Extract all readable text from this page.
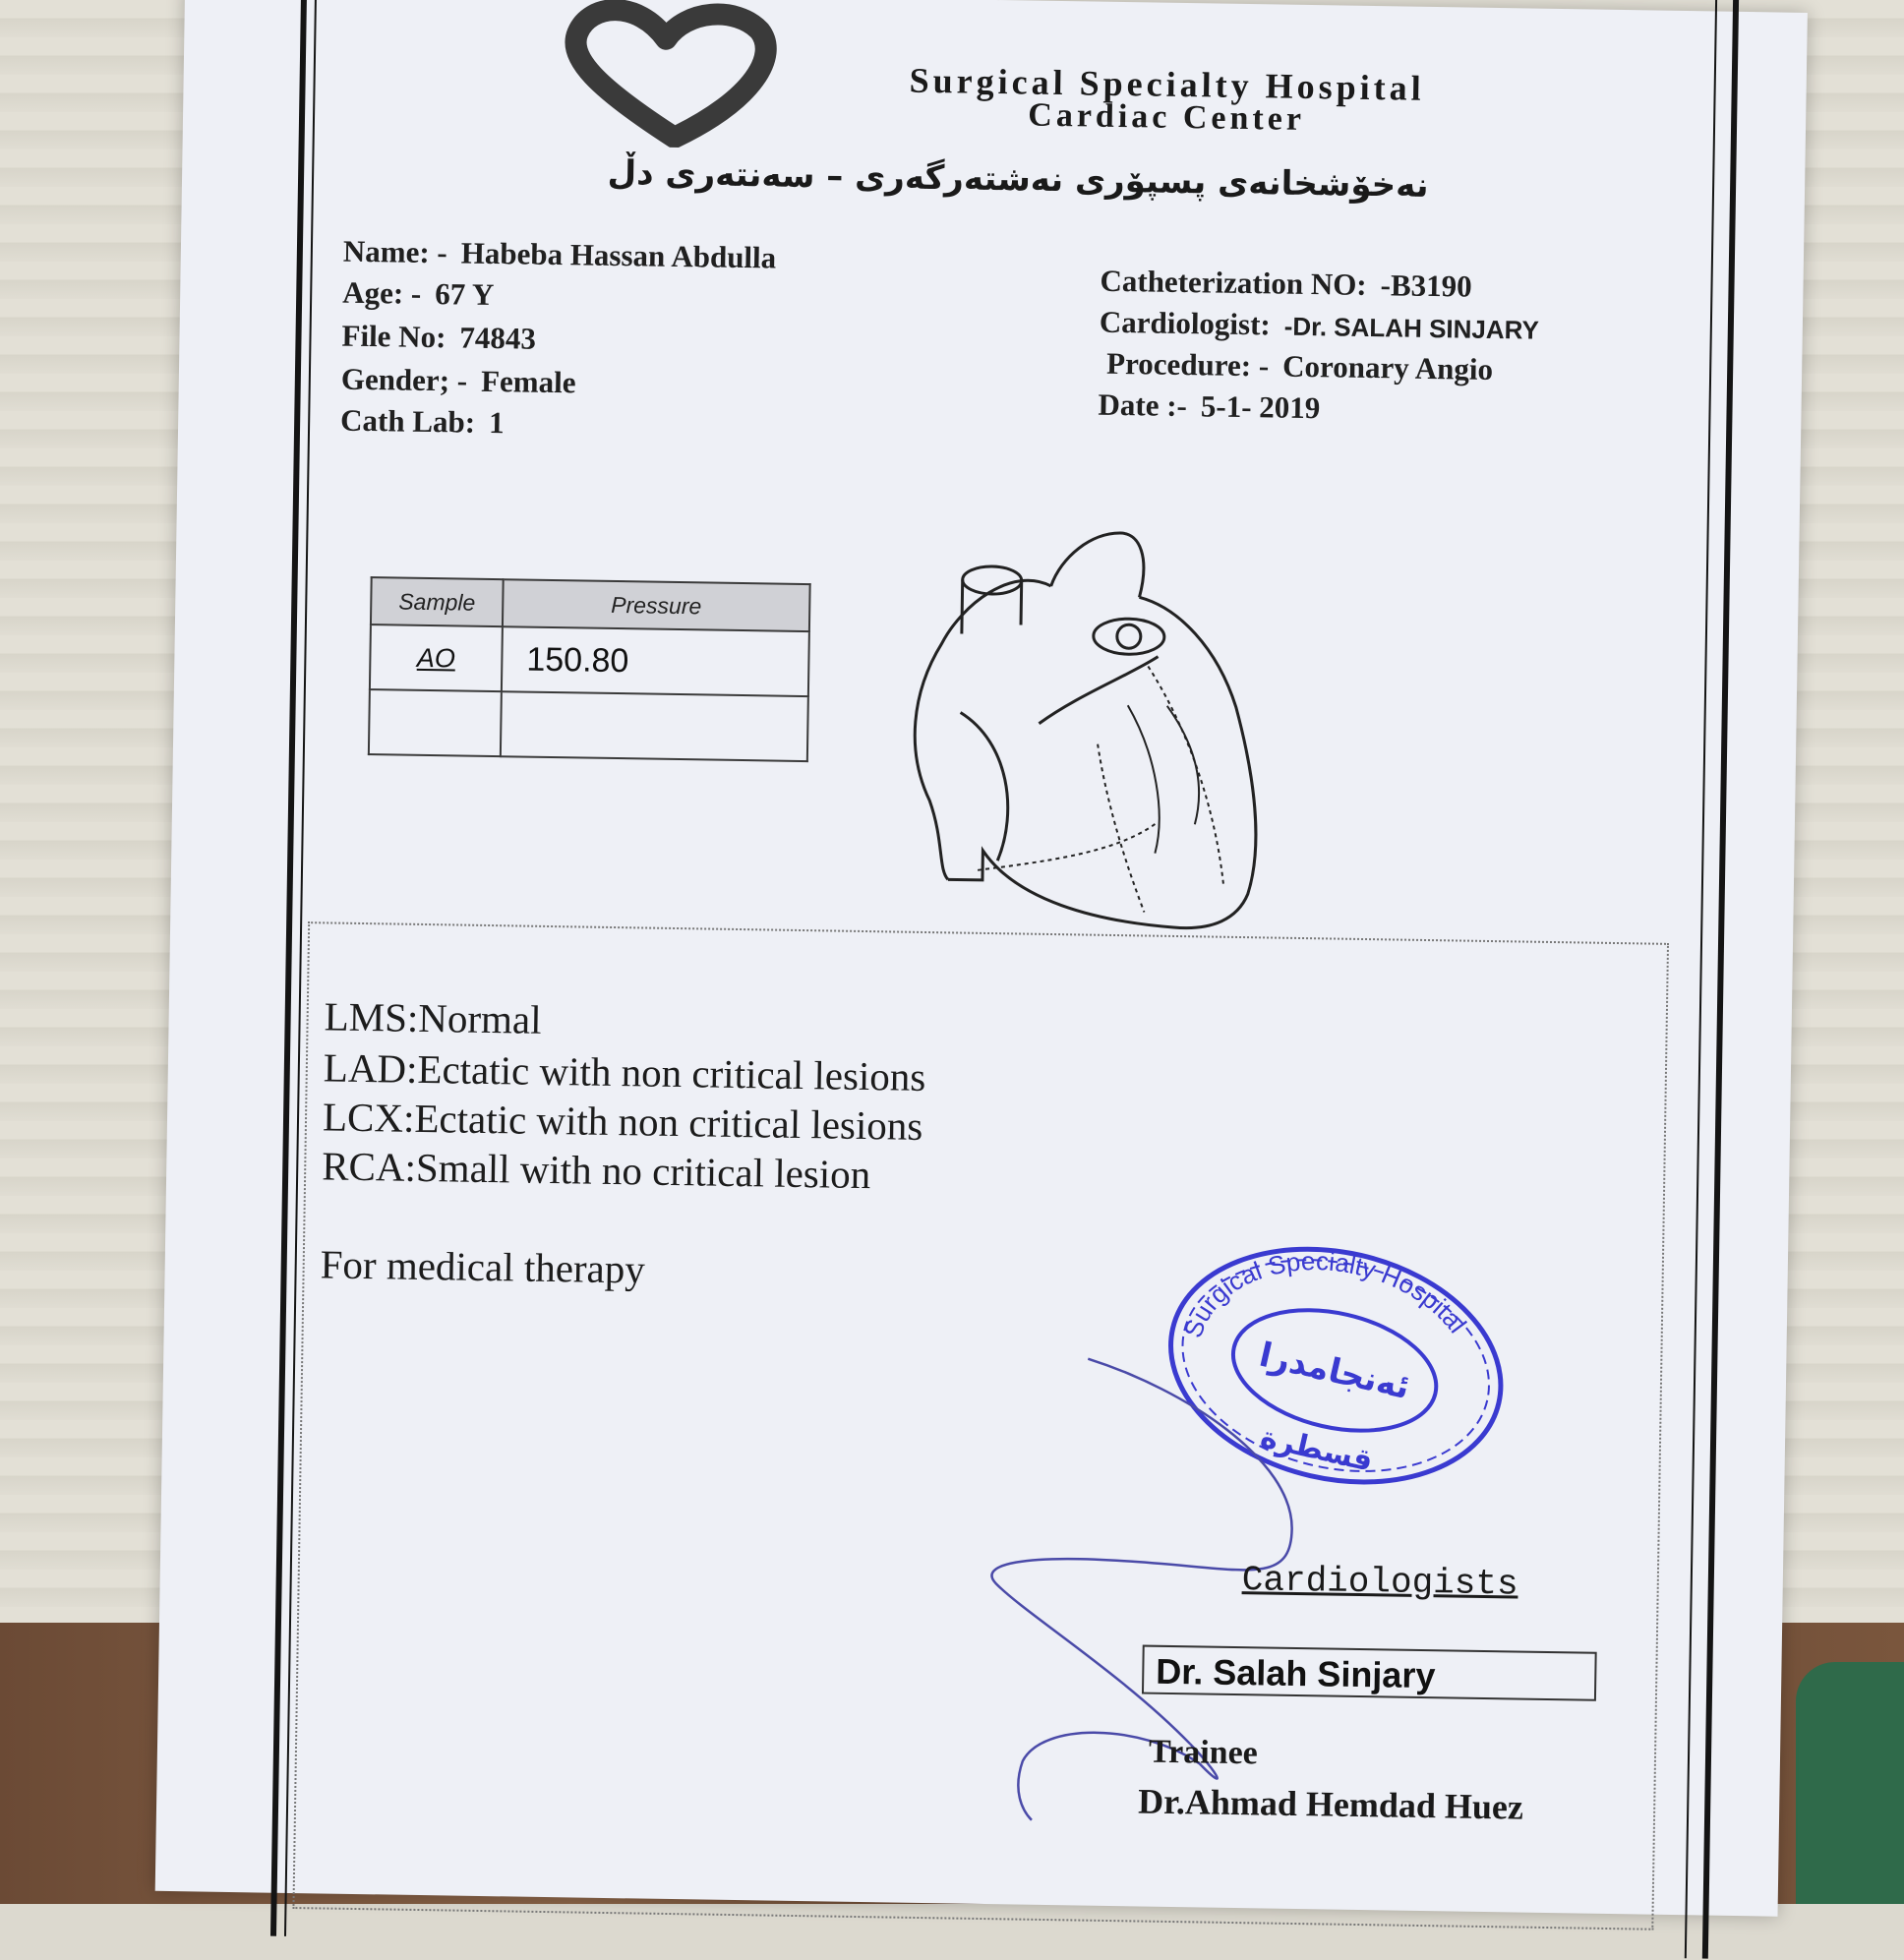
Surgical Specialty Hospital
Cardiac Center
نەخۆشخانەی پسپۆری نەشتەرگەری – سەنتەری دڵ
Name: - Habeba Hassan Abdulla
Age: - 67 Y
File No: 74843
Gender; - Female
Cath Lab: 1
Catheterization NO: -B3190
Cardiologist: -Dr. SALAH SINJARY
Procedure: - Coronary Angio
Date :- 5-1- 2019
Sample	Pressure
AO	150.80

LMS:Normal
LAD:Ectatic with non critical lesions
LCX:Ectatic with non critical lesions
RCA:Small with no critical lesion
For medical therapy
Surgical Specialty Hospital
ئەنجامدرا
قسطرة
Cardiologists
Dr. Salah Sinjary
Trainee
Dr.Ahmad Hemdad Huez
